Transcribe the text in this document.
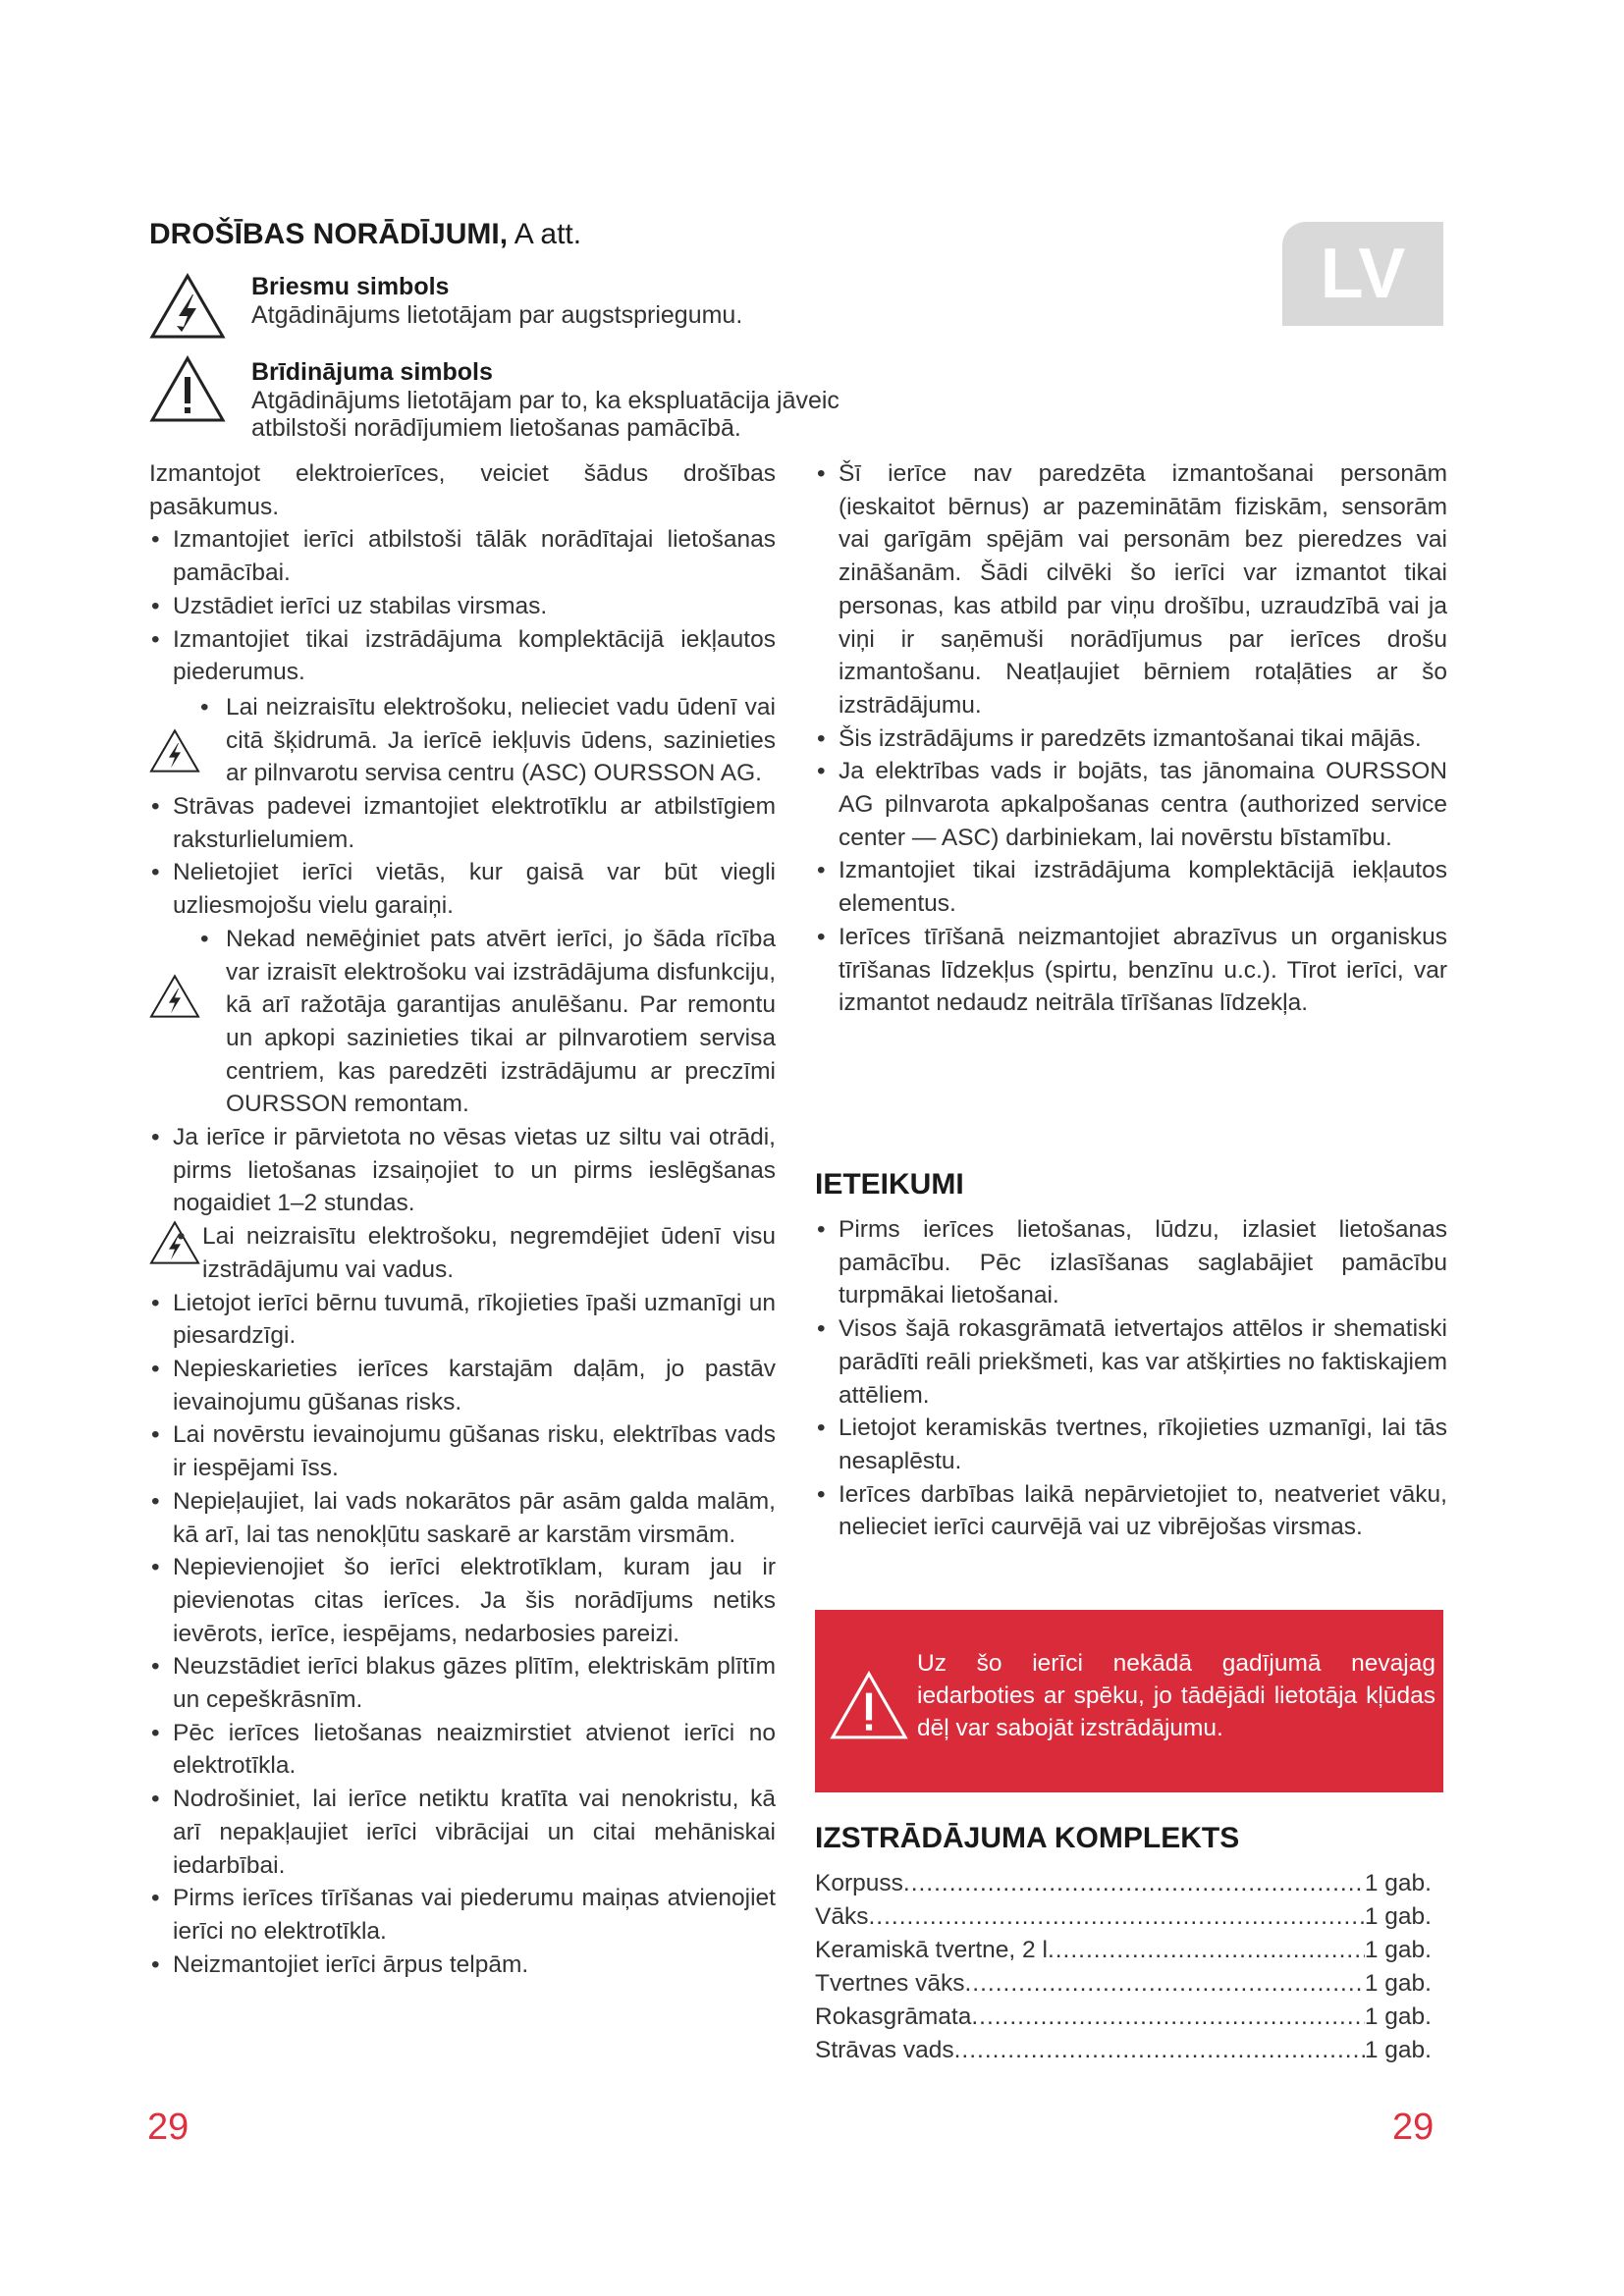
DROŠĪBAS NORĀDĪJUMI, A att.
LV
Briesmu simbols
Atgādinājums lietotājam par augstspriegumu.
Brīdinājuma simbols
Atgādinājums lietotājam par to, ka ekspluatācija jāveic
atbilstoši norādījumiem lietošanas pamācībā.

Izmantojot elektroierīces, veiciet šādus drošības pasākumus.

• Izmantojiet ierīci atbilstoši tālāk norādītajai lietošanas pamācībai.

• Uzstādiet ierīci uz stabilas virsmas.

• Izmantojiet tikai izstrādājuma komplektācijā iekļautos piederumus.

• Lai neizraisītu elektrošoku, nelieciet vadu ūdenī vai citā šķidrumā. Ja ierīcē iekļuvis ūdens, sazinieties ar pilnvarotu servisa centru (ASC) OURSSON AG.

• Strāvas padevei izmantojiet elektrotīklu ar atbilstīgiem raksturlielumiem.

• Nelietojiet ierīci vietās, kur gaisā var būt viegli uzliesmojošu vielu garaiņi.

• Nekad neмēģiniet pats atvērt ierīci, jo šāda rīcība var izraisīt elektrošoku vai izstrādājuma disfunkciju, kā arī ražotāja garantijas anulēšanu. Par remontu un apkopi sazinieties tikai ar pilnvarotiem servisa centriem, kas paredzēti izstrādājumu ar preczīmi OURSSON remontam.

• Ja ierīce ir pārvietota no vēsas vietas uz siltu vai otrādi, pirms lietošanas izsaiņojiet to un pirms ieslēgšanas nogaidiet 1–2 stundas.

• Lai neizraisītu elektrošoku, negremdējiet ūdenī visu izstrādājumu vai vadus.

• Lietojot ierīci bērnu tuvumā, rīkojieties īpaši uzmanīgi un piesardzīgi.

• Nepieskarieties ierīces karstajām daļām, jo pastāv ievainojumu gūšanas risks.

• Lai novērstu ievainojumu gūšanas risku, elektrības vads ir iespējami īss.

• Nepieļaujiet, lai vads nokarātos pār asām galda malām, kā arī, lai tas nenokļūtu saskarē ar karstām virsmām.

• Nepievienojiet šo ierīci elektrotīklam, kuram jau ir pievienotas citas ierīces. Ja šis norādījums netiks ievērots, ierīce, iespējams, nedarbosies pareizi.

• Neuzstādiet ierīci blakus gāzes plītīm, elektriskām plītīm un cepeškrāsnīm.

• Pēc ierīces lietošanas neaizmirstiet atvienot ierīci no elektrotīkla.

• Nodrošiniet, lai ierīce netiktu kratīta vai nenokristu, kā arī nepakļaujiet ierīci vibrācijai un citai mehāniskai iedarbībai.

• Pirms ierīces tīrīšanas vai piederumu maiņas atvienojiet ierīci no elektrotīkla.

• Neizmantojiet ierīci ārpus telpām.

• Šī ierīce nav paredzēta izmantošanai personām (ieskaitot bērnus) ar pazeminātām fiziskām, sensorām vai garīgām spējām vai personām bez pieredzes vai zināšanām. Šādi cilvēki šo ierīci var izmantot tikai personas, kas atbild par viņu drošību, uzraudzībā vai ja viņi ir saņēmuši norādījumus par ierīces drošu izmantošanu. Neatļaujiet bērniem rotaļāties ar šo izstrādājumu.

• Šis izstrādājums ir paredzēts izmantošanai tikai mājās.

• Ja elektrības vads ir bojāts, tas jānomaina OURSSON AG pilnvarota apkalpošanas centra (authorized service center — ASC) darbiniekam, lai novērstu bīstamību.

• Izmantojiet tikai izstrādājuma komplektācijā iekļautos elementus.

• Ierīces tīrīšanā neizmantojiet abrazīvus un organiskus tīrīšanas līdzekļus (spirtu, benzīnu u.c.). Tīrot ierīci, var izmantot nedaudz neitrāla tīrīšanas līdzekļa.

IETEIKUMI

• Pirms ierīces lietošanas, lūdzu, izlasiet lietošanas pamācību. Pēc izlasīšanas saglabājiet pamācību turpmākai lietošanai.

• Visos šajā rokasgrāmatā ietvertajos attēlos ir shematiski parādīti reāli priekšmeti, kas var atšķirties no faktiskajiem attēliem.

• Lietojot keramiskās tvertnes, rīkojieties uzmanīgi, lai tās nesaplēstu.

• Ierīces darbības laikā nepārvietojiet to, neatveriet vāku, nelieciet ierīci caurvējā vai uz vibrējošas virsmas.

Uz šo ierīci nekādā gadījumā nevajag iedarboties ar spēku, jo tādējādi lietotāja kļūdas dēļ var sabojāt izstrādājumu.
IZSTRĀDĀJUMA KOMPLEKTS
Korpuss .....	1 gab.
Vāks .....	1 gab.
Keramiskā tvertne, 2 l .....	1 gab.
Tvertnes vāks .....	1 gab.
Rokasgrāmata .....	1 gab.
Strāvas vads .....	1 gab.
29	29
